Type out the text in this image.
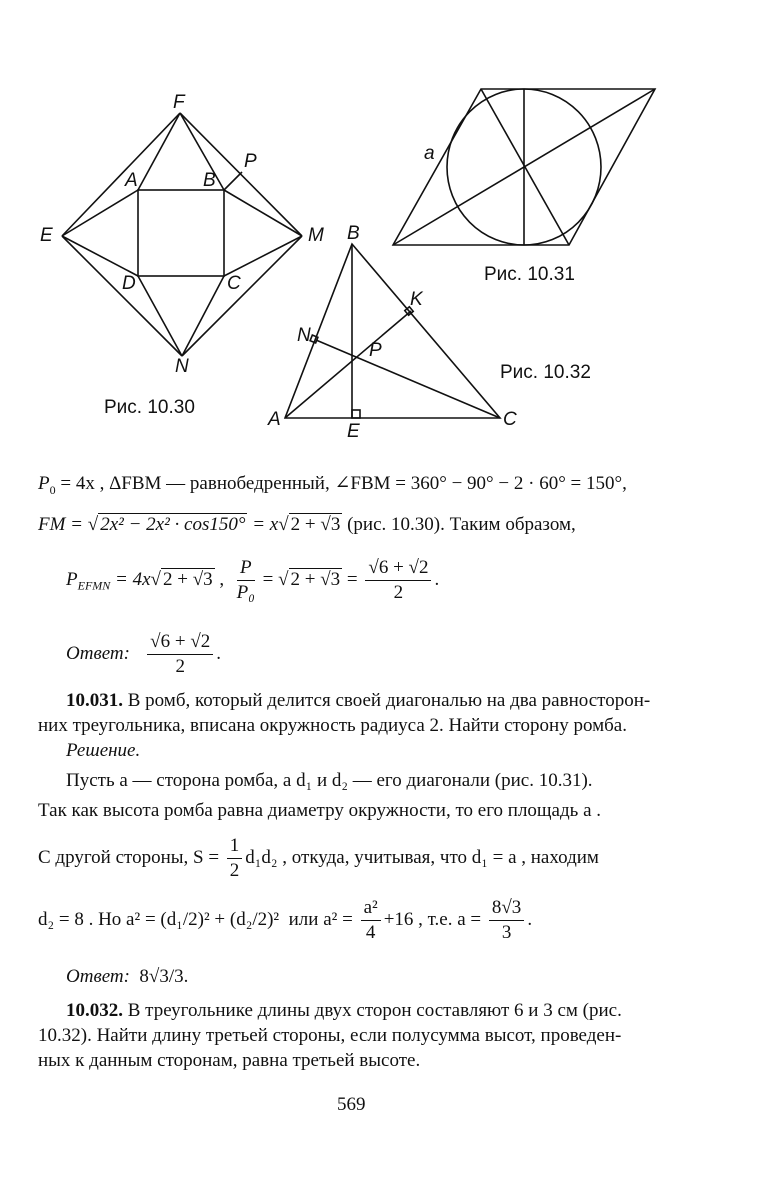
F
P
A	B
E	M
D	C
N
Рис. 10.30
a
Рис. 10.31
B
K
N
P
A
E
C
Рис. 10.32
$P_0 = 4x$ , ΔFBM — равнобедренный, ∠FBM = 360° − 90° − 2 · 60° = 150°,
FM = √ 2x² − 2x² · cos150° = x√ 2 + √3 (рис. 10.30). Таким образом,
$P_{EFMN} = 4x√$ 2 + √3 , $\frac{P}{\text{P₀}}$ = √ $2 + √3 = \frac{√6 + √2}{2}$ .
Ответ: $\frac{√6 + √2}{2}$ .
10.031. В ромб, который делится своей диагональю на два равносторон-
них треугольника, вписана окружность радиуса 2. Найти сторону ромба.
Решение.
Пусть a — сторона ромба, а d₁ и d₂ — его диагонали (рис. 10.31).
Так как высота ромба равна диаметру окружности, то его площадь a .
С другой стороны, $S = \frac{1}{2} d_1d_2$ , откуда, учитывая, что d₁ = a , находим
d₂ = 8 . Но a² = (d₁/2)² + (d₂/2)² или $a^2 = \frac{\text{a²}}{4} +16$ , т.е. $a = \frac{8√3}{3}$ .
Ответ: 8√3/3.
10.032. В треугольнике длины двух сторон составляют 6 и 3 см (рис.
10.32). Найти длину третьей стороны, если полусумма высот, проведен-
ных к данным сторонам, равна третьей высоте.
569
